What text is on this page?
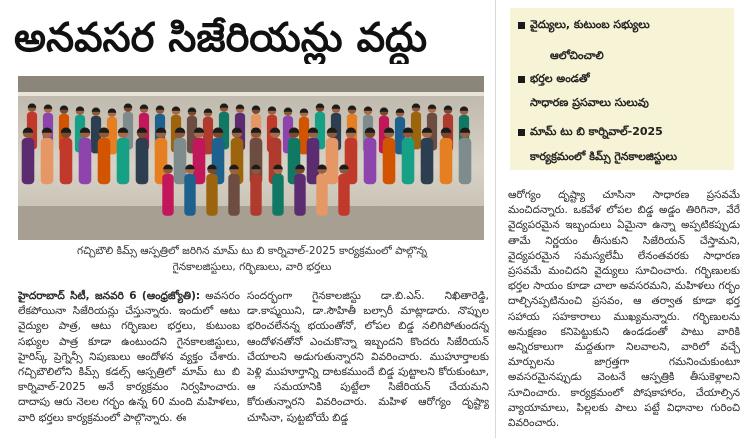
అనవసర సిజేరియన్లు వద్దు	వైద్యులు, కుటుంబ సభ్యులు
ఆలోచించాలి
భర్తల అండతో
సాధారణ ప్రసవాలు సులువు
మామ్ టు బి కార్నివాల్-2025
కార్యక్రమంలో కిమ్స్ గైనకాలజిస్టులు
గచ్చిబౌలి కిమ్స్ ఆస్పత్రిలో జరిగిన మామ్ టు బి కార్నివాల్-2025 కార్యక్రమంలో పాల్గొన్న
గైనకాలజిస్టులు, గర్భిణులు, వారి భర్తలు
హైదరాబాద్ సిటీ, జనవరి 6 (ఆంధ్రజ్యోతి): అవసరం లేకపోయినా సిజేరియన్లు చేస్తున్నారు. ఇందులో ఆటు వైద్యుల పాత్ర, ఆటు గర్భిణుల భర్తలు, కుటుంబ సభ్యుల పాత్ర కూడా ఉంటుందని గైనకాలజిస్టులు, హైరిస్క్ ప్రెగ్నెన్సీ నిపుణులు ఆందోళన వ్యక్తం చేశారు. గచ్చిబౌలిలోని కిమ్స్ కడల్స్ ఆస్పత్రిలో మామ్ టు బి కార్నివాల్-2025 అనే కార్యక్రమం నిర్వహించారు. దాదాపు ఆరు నెలల గర్భం ఉన్న 60 మంది మహిళలు, వారి భర్తలు కార్యక్రమంలో పాల్గొన్నారు. ఈ
సందర్భంగా గైనకాలజిస్టు డా.బి.ఎస్. నిఖితారెడ్డి, డా.కాష్మయిని, డా.సౌహితీ బల్సారీ మాట్లాడారు. నొప్పుల భరించలేనన్న భయంతోనో, లోపల బిడ్డ నలిగిపోతుందన్న ఆందోళనతోనో ఎంచుకొన్నా ఇబ్బందని కొందరు సిజేరియన్ చేయాలని అడుగుతున్నారని వివరించారు. ముహూర్తాలకు పెళ్లి ముహూర్తాన్ని దాటకముందే బిడ్డ పుట్టాలని కోరుకుంటూ, ఆ సమయానికి పుట్టేలా సిజేరియన్ చేయమని కోరుతున్నారని వివరించారు. మహిళ ఆరోగ్యం దృష్ట్యా చూసినా, పుట్టబోయే బిడ్డ
ఆరోగ్యం దృష్ట్యా చూసినా సాధారణ ప్రసవమే మంచిదన్నారు. ఒకవేళ లోపల బిడ్డ అడ్డం తిరిగినా, వేరే వైద్యపరమైన ఇబ్బందులు ఏమైనా ఉన్నా అప్పటికప్పుడు తామే నిర్ణయం తీసుకుని సిజేరియన్ చేస్తామని, వైద్యపరమైన సమస్యలేమీ లేనంతవరకు సాధారణ ప్రసవమే మంచిదని వైద్యులు సూచించారు. గర్భిణులకు భర్తల సాయం కూడా చాలా అవసరమని, మహిళలు గర్భం దాల్చినప్పటినుంచి ప్రసవం, ఆ తర్వాత కూడా భర్త సహాయ సహకారాలు ముఖ్యమన్నారు. గర్భిణులను అనుక్షణం కనిపెట్టుకుని ఉండడంతో పాటు వారికి అన్నిరకాలుగా మద్దతుగా నిలవాలని, వారిలో వచ్చే మార్పులను జాగ్రత్తగా గమనించుకుంటూ అవసరమైనప్పుడు వెంటనే ఆస్పత్రికి తీసుకెళ్లాలని సూచించారు. కార్యక్రమంలో పోషకాహారం, చేయాల్సిన వ్యాయామాలు, పిల్లలకు పాలు పట్టే విధానాల గురించి వివరించారు.
